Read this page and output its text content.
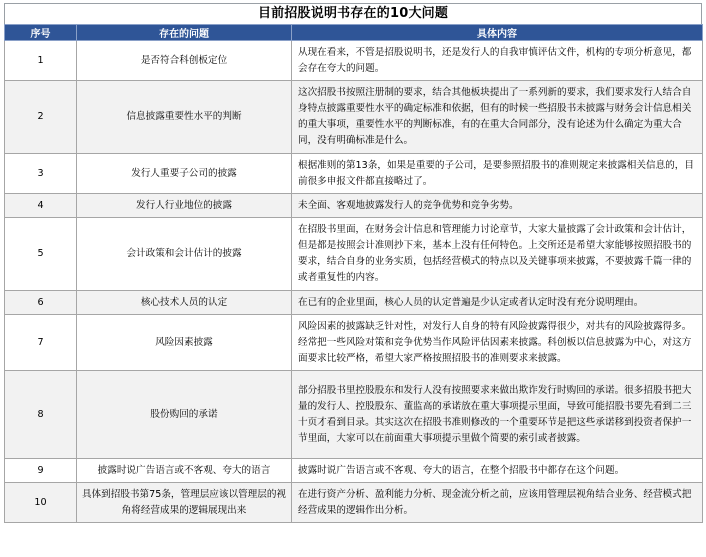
目前招股说明书存在的10大问题
序号	存在的问题	具体内容
1	是否符合科创板定位	从现在看来，不管是招股说明书，还是发行人的自我审慎评估文件，机构的专项分析意见，都会存在夸大的问题。
2	信息披露重要性水平的判断	这次招股书按照注册制的要求，结合其他板块提出了一系列新的要求，我们要求发行人结合自身特点披露重要性水平的确定标准和依据，但有的时候一些招股书未披露与财务会计信息相关的重大事项，重要性水平的判断标准，有的在重大合同部分，没有论述为什么确定为重大合同，没有明确标准是什么。
3	发行人重要子公司的披露	根据准则的第13条，如果是重要的子公司，是要参照招股书的准则规定来披露相关信息的，目前很多申报文件都直接略过了。
4	发行人行业地位的披露	未全面、客观地披露发行人的竞争优势和竞争劣势。
5	会计政策和会计估计的披露	在招股书里面，在财务会计信息和管理能力讨论章节，大家大量披露了会计政策和会计估计，但是都是按照会计准则抄下来，基本上没有任何特色。上交所还是希望大家能够按照招股书的要求，结合自身的业务实质，包括经营模式的特点以及关键事项来披露，不要披露千篇一律的或者重复性的内容。
6	核心技术人员的认定	在已有的企业里面，核心人员的认定普遍是少认定或者认定时没有充分说明理由。
7	风险因素披露	风险因素的披露缺乏针对性，对发行人自身的特有风险披露得很少，对共有的风险披露得多。经常把一些风险对策和竞争优势当作风险评估因素来披露。科创板以信息披露为中心，对这方面要求比较严格，希望大家严格按照招股书的准则要求来披露。
8	股份购回的承诺	部分招股书里控股股东和发行人没有按照要求来做出欺诈发行时购回的承诺。很多招股书把大量的发行人、控股股东、董监高的承诺放在重大事项提示里面，导致可能招股书要先看到二三十页才看到目录。其实这次在招股书准则修改的一个重要环节是把这些承诺移到投资者保护一节里面，大家可以在前面重大事项提示里做个简要的索引或者披露。
9	披露时说广告语言或不客观、夸大的语言	披露时说广告语言或不客观、夸大的语言，在整个招股书中都存在这个问题。
10	具体到招股书第75条，管理层应该以管理层的视角将经营成果的逻辑展现出来	在进行资产分析、盈利能力分析、现金流分析之前，应该用管理层视角结合业务、经营模式把经营成果的逻辑作出分析。
